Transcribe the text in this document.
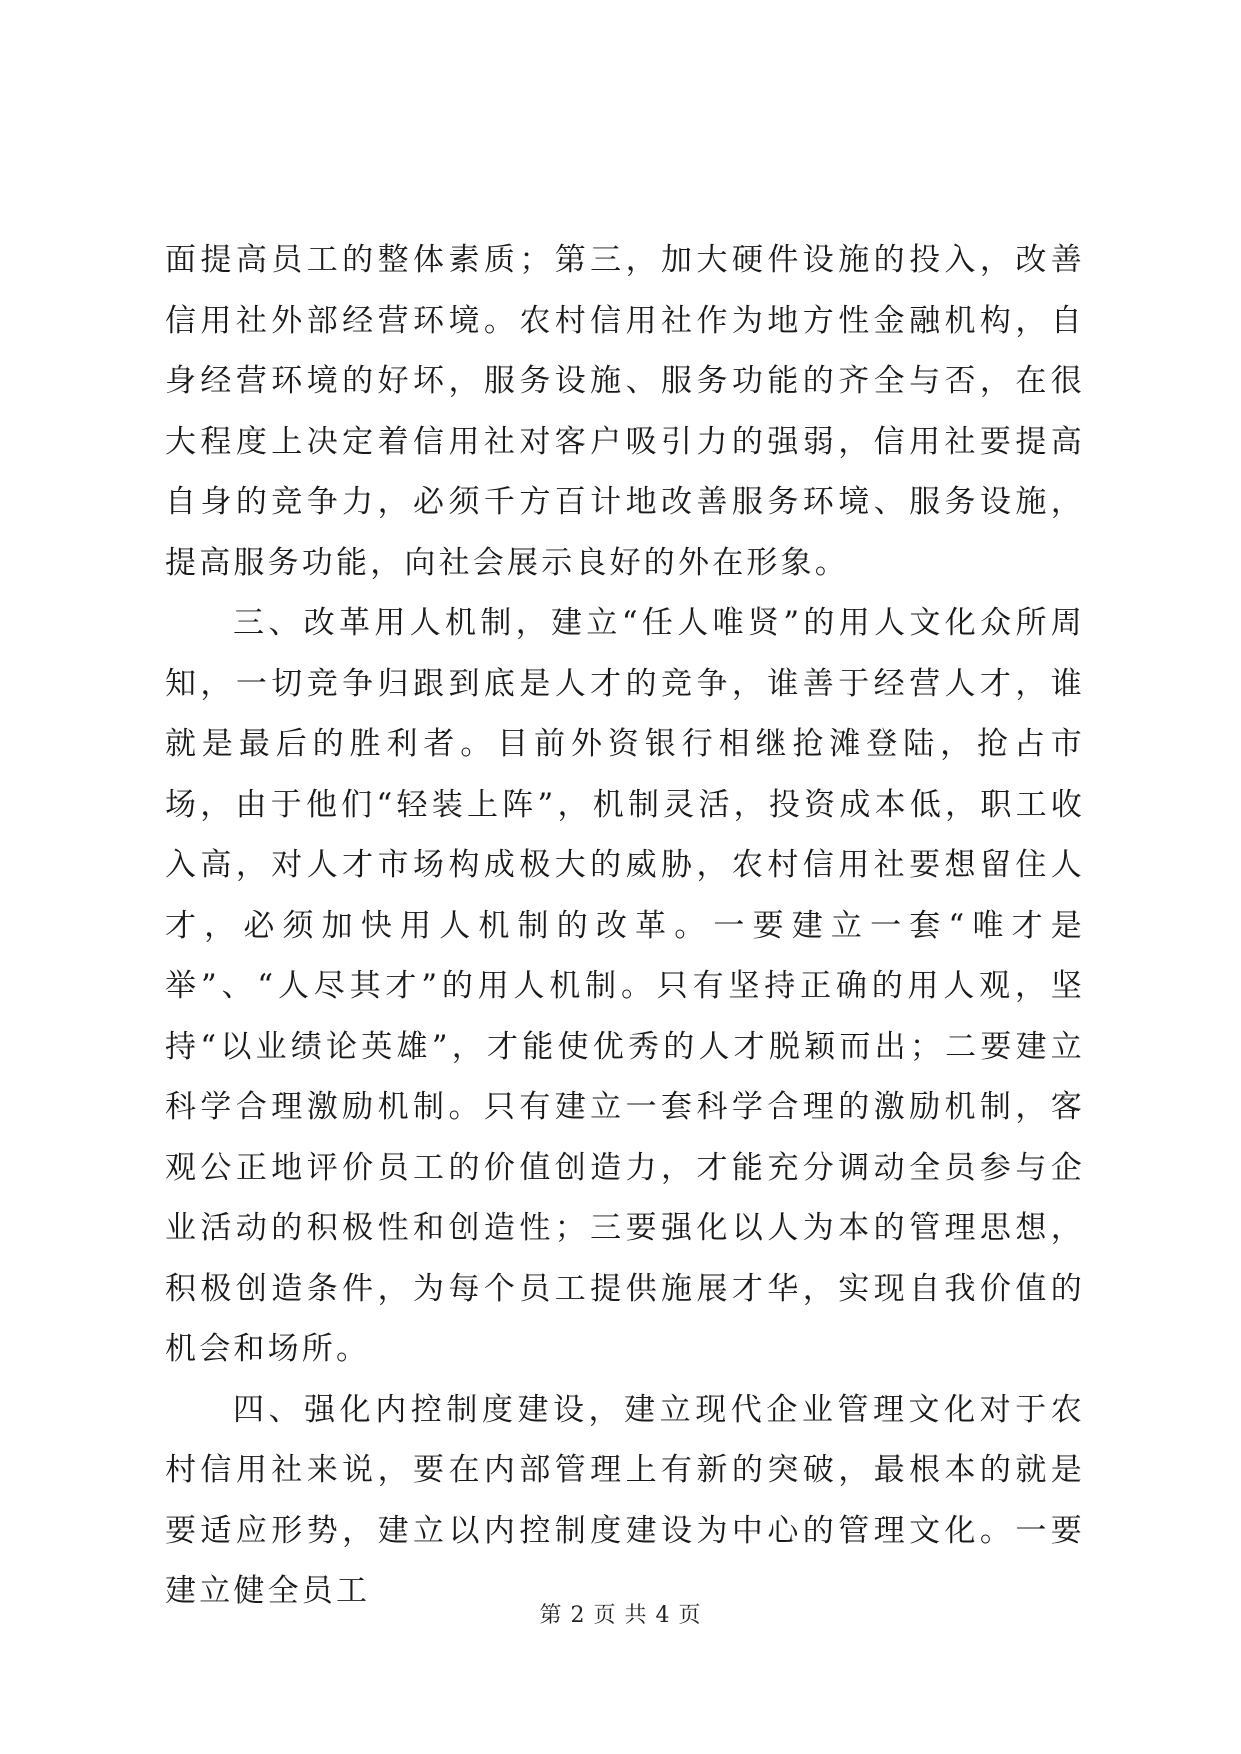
面提高员工的整体素质；第三，加大硬件设施的投入，改善信用社外部经营环境。农村信用社作为地方性金融机构，自身经营环境的好坏，服务设施、服务功能的齐全与否，在很大程度上决定着信用社对客户吸引力的强弱，信用社要提高自身的竞争力，必须千方百计地改善服务环境、服务设施，提高服务功能，向社会展示良好的外在形象。

三、改革用人机制，建立“任人唯贤”的用人文化众所周知，一切竞争归跟到底是人才的竞争，谁善于经营人才，谁就是最后的胜利者。目前外资银行相继抢滩登陆，抢占市场，由于他们“轻装上阵”，机制灵活，投资成本低，职工收入高，对人才市场构成极大的威胁，农村信用社要想留住人才，必须加快用人机制的改革。一要建立一套“唯才是举”、“人尽其才”的用人机制。只有坚持正确的用人观，坚持“以业绩论英雄”，才能使优秀的人才脱颖而出；二要建立科学合理激励机制。只有建立一套科学合理的激励机制，客观公正地评价员工的价值创造力，才能充分调动全员参与企业活动的积极性和创造性；三要强化以人为本的管理思想，积极创造条件，为每个员工提供施展才华，实现自我价值的机会和场所。

四、强化内控制度建设，建立现代企业管理文化对于农村信用社来说，要在内部管理上有新的突破，最根本的就是要适应形势，建立以内控制度建设为中心的管理文化。一要建立健全员工

第 2 页 共 4 页
